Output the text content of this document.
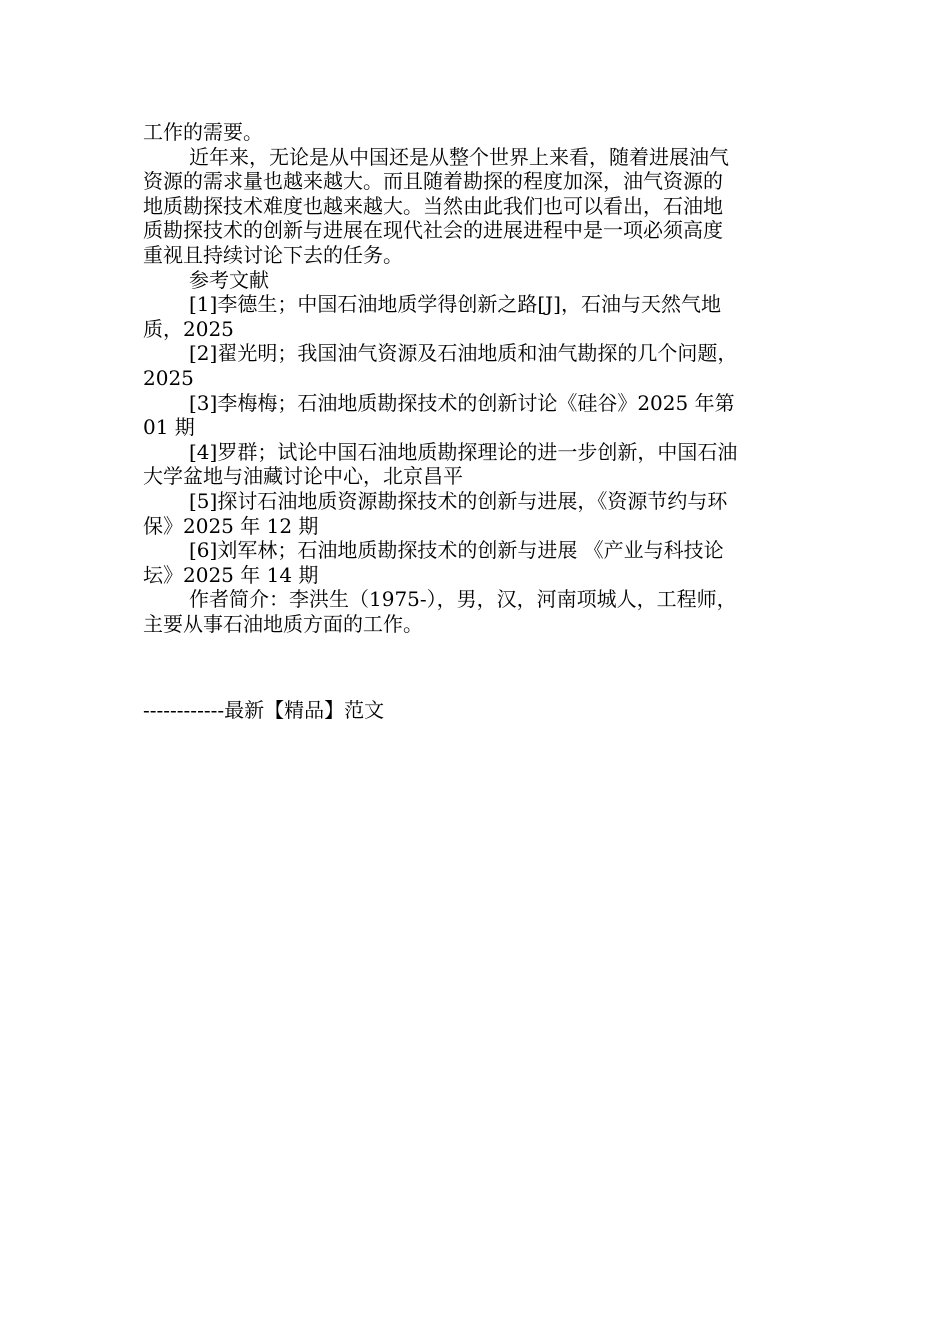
工作的需要。
近年来，无论是从中国还是从整个世界上来看，随着进展油气
资源的需求量也越来越大。而且随着勘探的程度加深，油气资源的
地质勘探技术难度也越来越大。当然由此我们也可以看出，石油地
质勘探技术的创新与进展在现代社会的进展进程中是一项必须高度
重视且持续讨论下去的任务。
参考文献
[1]李德生；中国石油地质学得创新之路[J]，石油与天然气地
质，2025
[2]翟光明；我国油气资源及石油地质和油气勘探的几个问题，
2025
[3]李梅梅；石油地质勘探技术的创新讨论《硅谷》2025 年第
01 期
[4]罗群；试论中国石油地质勘探理论的进一步创新，中国石油
大学盆地与油藏讨论中心，北京昌平
[5]探讨石油地质资源勘探技术的创新与进展，《资源节约与环
保》2025 年 12 期
[6]刘军林；石油地质勘探技术的创新与进展 《产业与科技论
坛》2025 年 14 期
作者简介：李洪生（1975-），男，汉，河南项城人，工程师，
主要从事石油地质方面的工作。
------------最新【精品】范文
